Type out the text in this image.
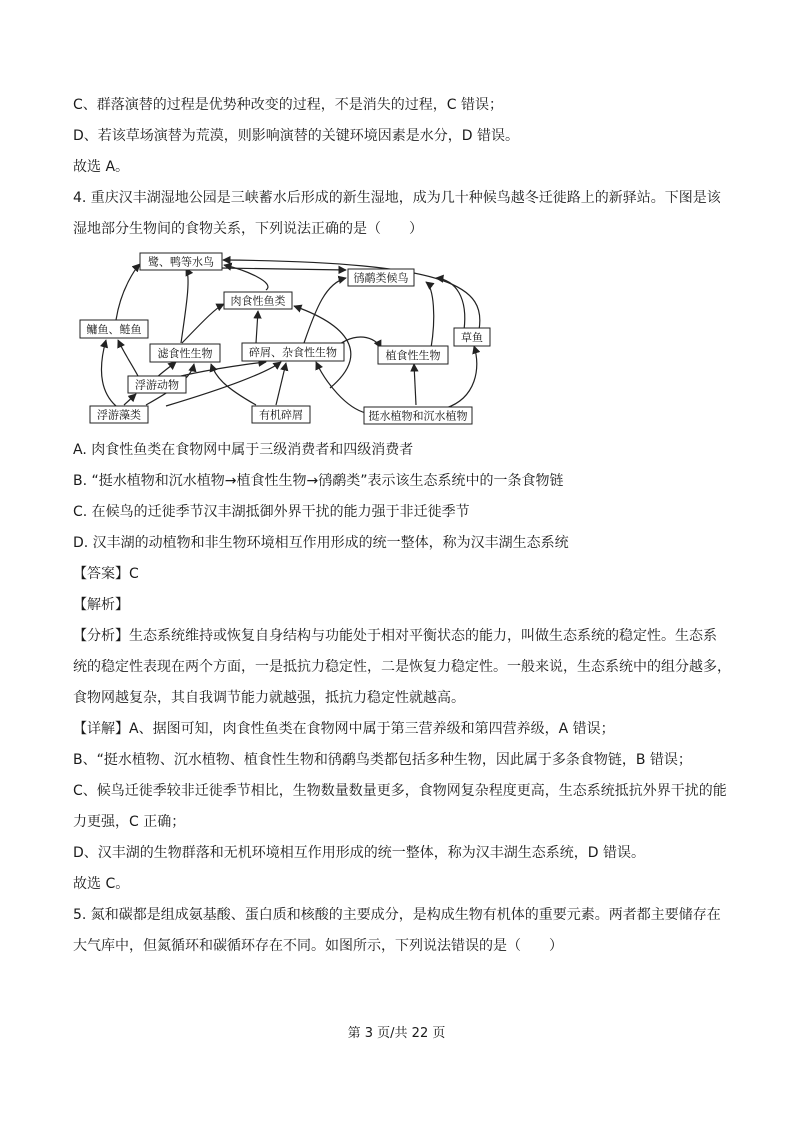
C、群落演替的过程是优势种改变的过程，不是消失的过程，C 错误；
D、若该草场演替为荒漠，则影响演替的关键环境因素是水分，D 错误。
故选 A。
4. 重庆汉丰湖湿地公园是三峡蓄水后形成的新生湿地，成为几十种候鸟越冬迁徙路上的新驿站。下图是该
湿地部分生物间的食物关系，下列说法正确的是（　　）
鹭、鸭等水鸟
鸻鹬类候鸟
肉食性鱼类
鳙鱼、鲢鱼
滤食性生物	碎屑、杂食性生物	植食性生物
草鱼
浮游动物
浮游藻类	有机碎屑	挺水植物和沉水植物
A. 肉食性鱼类在食物网中属于三级消费者和四级消费者
B. “挺水植物和沉水植物→植食性生物→鸻鹬类”表示该生态系统中的一条食物链
C. 在候鸟的迁徙季节汉丰湖抵御外界干扰的能力强于非迁徙季节
D. 汉丰湖的动植物和非生物环境相互作用形成的统一整体，称为汉丰湖生态系统
【答案】C
【解析】
【分析】生态系统维持或恢复自身结构与功能处于相对平衡状态的能力，叫做生态系统的稳定性。生态系
统的稳定性表现在两个方面，一是抵抗力稳定性，二是恢复力稳定性。一般来说，生态系统中的组分越多，
食物网越复杂，其自我调节能力就越强，抵抗力稳定性就越高。
【详解】A、据图可知，肉食性鱼类在食物网中属于第三营养级和第四营养级，A 错误；
B、“挺水植物、沉水植物、植食性生物和鸻鹬鸟类都包括多种生物，因此属于多条食物链，B 错误；
C、候鸟迁徙季较非迁徙季节相比，生物数量数量更多，食物网复杂程度更高，生态系统抵抗外界干扰的能
力更强，C 正确；
D、汉丰湖的生物群落和无机环境相互作用形成的统一整体，称为汉丰湖生态系统，D 错误。
故选 C。
5. 氮和碳都是组成氨基酸、蛋白质和核酸的主要成分，是构成生物有机体的重要元素。两者都主要储存在
大气库中，但氮循环和碳循环存在不同。如图所示，下列说法错误的是（　　）
第 3 页/共 22 页
